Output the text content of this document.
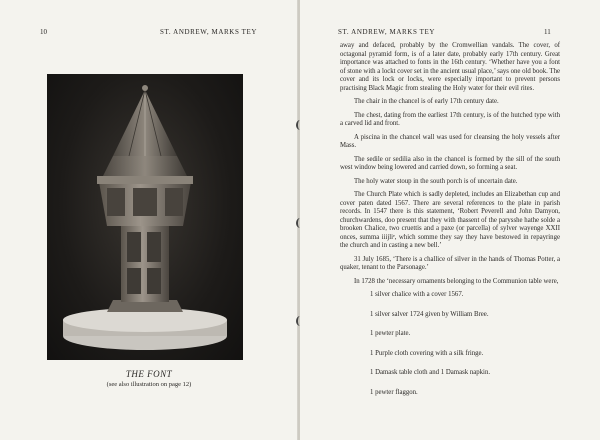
10	ST. ANDREW, MARKS TEY
THE FONT
(see also illustration on page 12)
ST. ANDREW, MARKS TEY	11

away and defaced, probably by the Cromwellian vandals. The cover, of octagonal pyramid form, is of a later date, probably early 17th century. Great importance was attached to fonts in the 16th century. ‘Whether have you a font of stone with a lockt cover set in the ancient usual place,’ says one old book. The cover and its lock or locks, were especially important to prevent persons practising Black Magic from stealing the Holy water for their evil rites.

The chair in the chancel is of early 17th century date.

The chest, dating from the earliest 17th century, is of the hutched type with a carved lid and front.

A piscina in the chancel wall was used for cleansing the holy vessels after Mass.

The sedile or sedilia also in the chancel is formed by the sill of the south west window being lowered and carried down, so forming a seat.

The holy water stoup in the south porch is of uncertain date.

The Church Plate which is sadly depleted, includes an Elizabethan cup and cover paten dated 1567. There are several references to the plate in parish records. In 1547 there is this statement, ‘Robert Peverell and John Damyon, churchwardens, doo present that they with thassent of the parysshe hathe solde a brooken Chalice, two cruettis and a paxe (or parcella) of sylver wayenge XXII onces, summa iiijliᵉ, which somme they say they have bestowed in repayringe the church and in casting a new bell.’

31 July 1685, ‘There is a challice of silver in the hands of Thomas Potter, a quaker, tenant to the Parsonage.’

In 1728 the ‘necessary ornaments belonging to the Communion table were,

1 silver chalice with a cover 1567.
1 silver salver 1724 given by William Bree.
1 pewter plate.
1 Purple cloth covering with a silk fringe.
1 Damask table cloth and 1 Damask napkin.
1 pewter flaggon.
